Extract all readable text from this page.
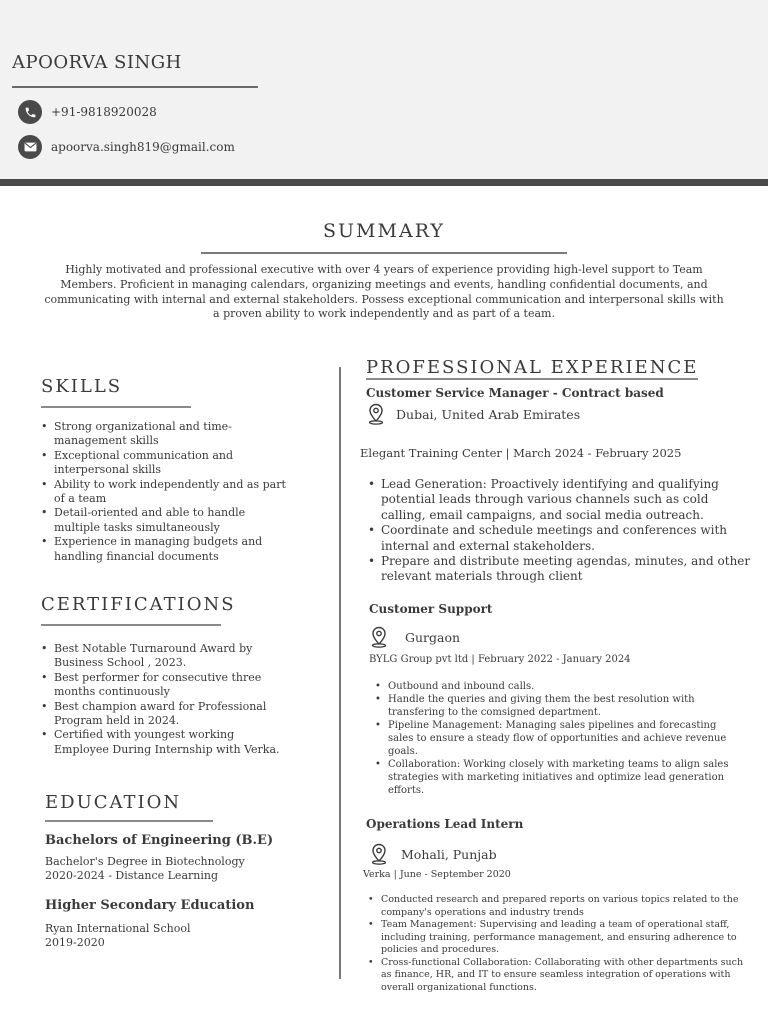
APOORVA SINGH
+91-9818920028
apoorva.singh819@gmail.com
SUMMARY
Highly motivated and professional executive with over 4 years of experience providing high-level support to Team Members. Proficient in managing calendars, organizing meetings and events, handling confidential documents, and communicating with internal and external stakeholders. Possess exceptional communication and interpersonal skills with a proven ability to work independently and as part of a team.
SKILLS
• Strong organizational and time-management skills
• Exceptional communication and interpersonal skills
• Ability to work independently and as part of a team
• Detail-oriented and able to handle multiple tasks simultaneously
• Experience in managing budgets and handling financial documents
CERTIFICATIONS
• Best Notable Turnaround Award by Business School , 2023.
• Best performer for consecutive three months continuously
• Best champion award for Professional Program held in 2024.
• Certified with youngest working Employee During Internship with Verka.
EDUCATION
Bachelors of Engineering (B.E)
Bachelor's Degree in Biotechnology
2020-2024 - Distance Learning
Higher Secondary Education
Ryan International School
2019-2020
PROFESSIONAL EXPERIENCE
Customer Service Manager - Contract based
Dubai, United Arab Emirates
Elegant Training Center | March 2024 - February 2025
• Lead Generation: Proactively identifying and qualifying potential leads through various channels such as cold calling, email campaigns, and social media outreach.
• Coordinate and schedule meetings and conferences with internal and external stakeholders.
• Prepare and distribute meeting agendas, minutes, and other relevant materials through client
Customer Support
Gurgaon
BYLG Group pvt ltd | February 2022 - January 2024
• Outbound and inbound calls.
• Handle the queries and giving them the best resolution with transfering to the comsigned department.
• Pipeline Management: Managing sales pipelines and forecasting sales to ensure a steady flow of opportunities and achieve revenue goals.
• Collaboration: Working closely with marketing teams to align sales strategies with marketing initiatives and optimize lead generation efforts.
Operations Lead Intern
Mohali, Punjab
Verka | June - September 2020
• Conducted research and prepared reports on various topics related to the company's operations and industry trends
• Team Management: Supervising and leading a team of operational staff, including training, performance management, and ensuring adherence to policies and procedures.
• Cross-functional Collaboration: Collaborating with other departments such as finance, HR, and IT to ensure seamless integration of operations with overall organizational functions.
